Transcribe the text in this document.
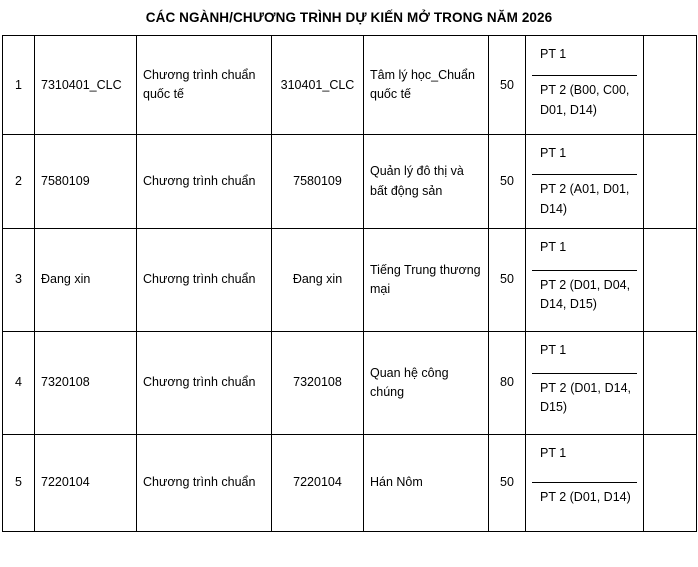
CÁC NGÀNH/CHƯƠNG TRÌNH DỰ KIẾN MỞ TRONG NĂM 2026
1	7310401_CLC	Chương trình chuẩn quốc tế	310401_CLC	Tâm lý học_Chuẩn quốc tế	50	PT 1
PT 2 (B00, C00, D01, D14)	

2	7580109	Chương trình chuẩn	7580109	Quản lý đô thị và bất động sản	50	PT 1
PT 2 (A01, D01, D14)	

3	Đang xin	Chương trình chuẩn	Đang xin	Tiếng Trung thương mại	50	PT 1
PT 2 (D01, D04, D14, D15)	

4	7320108	Chương trình chuẩn	7320108	Quan hệ công chúng	80	PT 1
PT 2 (D01, D14, D15)	

5	7220104	Chương trình chuẩn	7220104	Hán Nôm	50	PT 1
PT 2 (D01, D14)	
